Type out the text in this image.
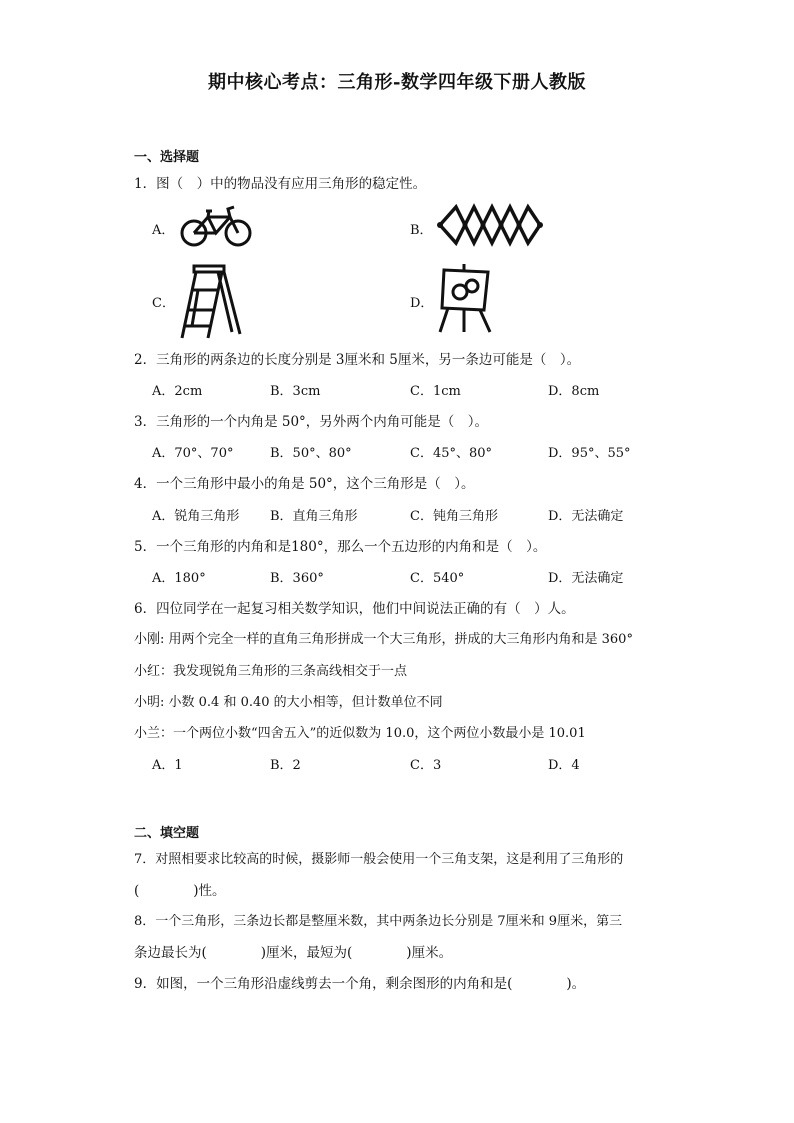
期中核心考点：三角形-数学四年级下册人教版
一、选择题
1．图（　）中的物品没有应用三角形的稳定性。
A．	B．
C．	D．
2．三角形的两条边的长度分别是 3厘米和 5厘米，另一条边可能是（　）。
A．2cm	B．3cm	C．1cm	D．8cm
3．三角形的一个内角是 50°，另外两个内角可能是（　）。
A．70°、70°	B．50°、80°	C．45°、80°	D．95°、55°
4．一个三角形中最小的角是 50°，这个三角形是（　）。
A．锐角三角形 B．直角三角形	C．钝角三角形	D．无法确定
5．一个三角形的内角和是180°，那么一个五边形的内角和是（　）。
A．180°	B．360°	C．540°	D．无法确定
6．四位同学在一起复习相关数学知识，他们中间说法正确的有（　）人。
小刚: 用两个完全一样的直角三角形拼成一个大三角形，拼成的大三角形内角和是 360°
小红：我发现锐角三角形的三条高线相交于一点
小明: 小数 0.4 和 0.40 的大小相等，但计数单位不同
小兰：一个两位小数“四舍五入”的近似数为 10.0，这个两位小数最小是 10.01
A．1	B．2	C．3	D．4
二、填空题
7．对照相要求比较高的时候，摄影师一般会使用一个三角支架，这是利用了三角形的
(　　　　)性。
8．一个三角形，三条边长都是整厘米数，其中两条边长分别是 7厘米和 9厘米，第三
条边最长为(　　　　)厘米，最短为(　　　　)厘米。
9．如图，一个三角形沿虚线剪去一个角，剩余图形的内角和是(　　　　)。
